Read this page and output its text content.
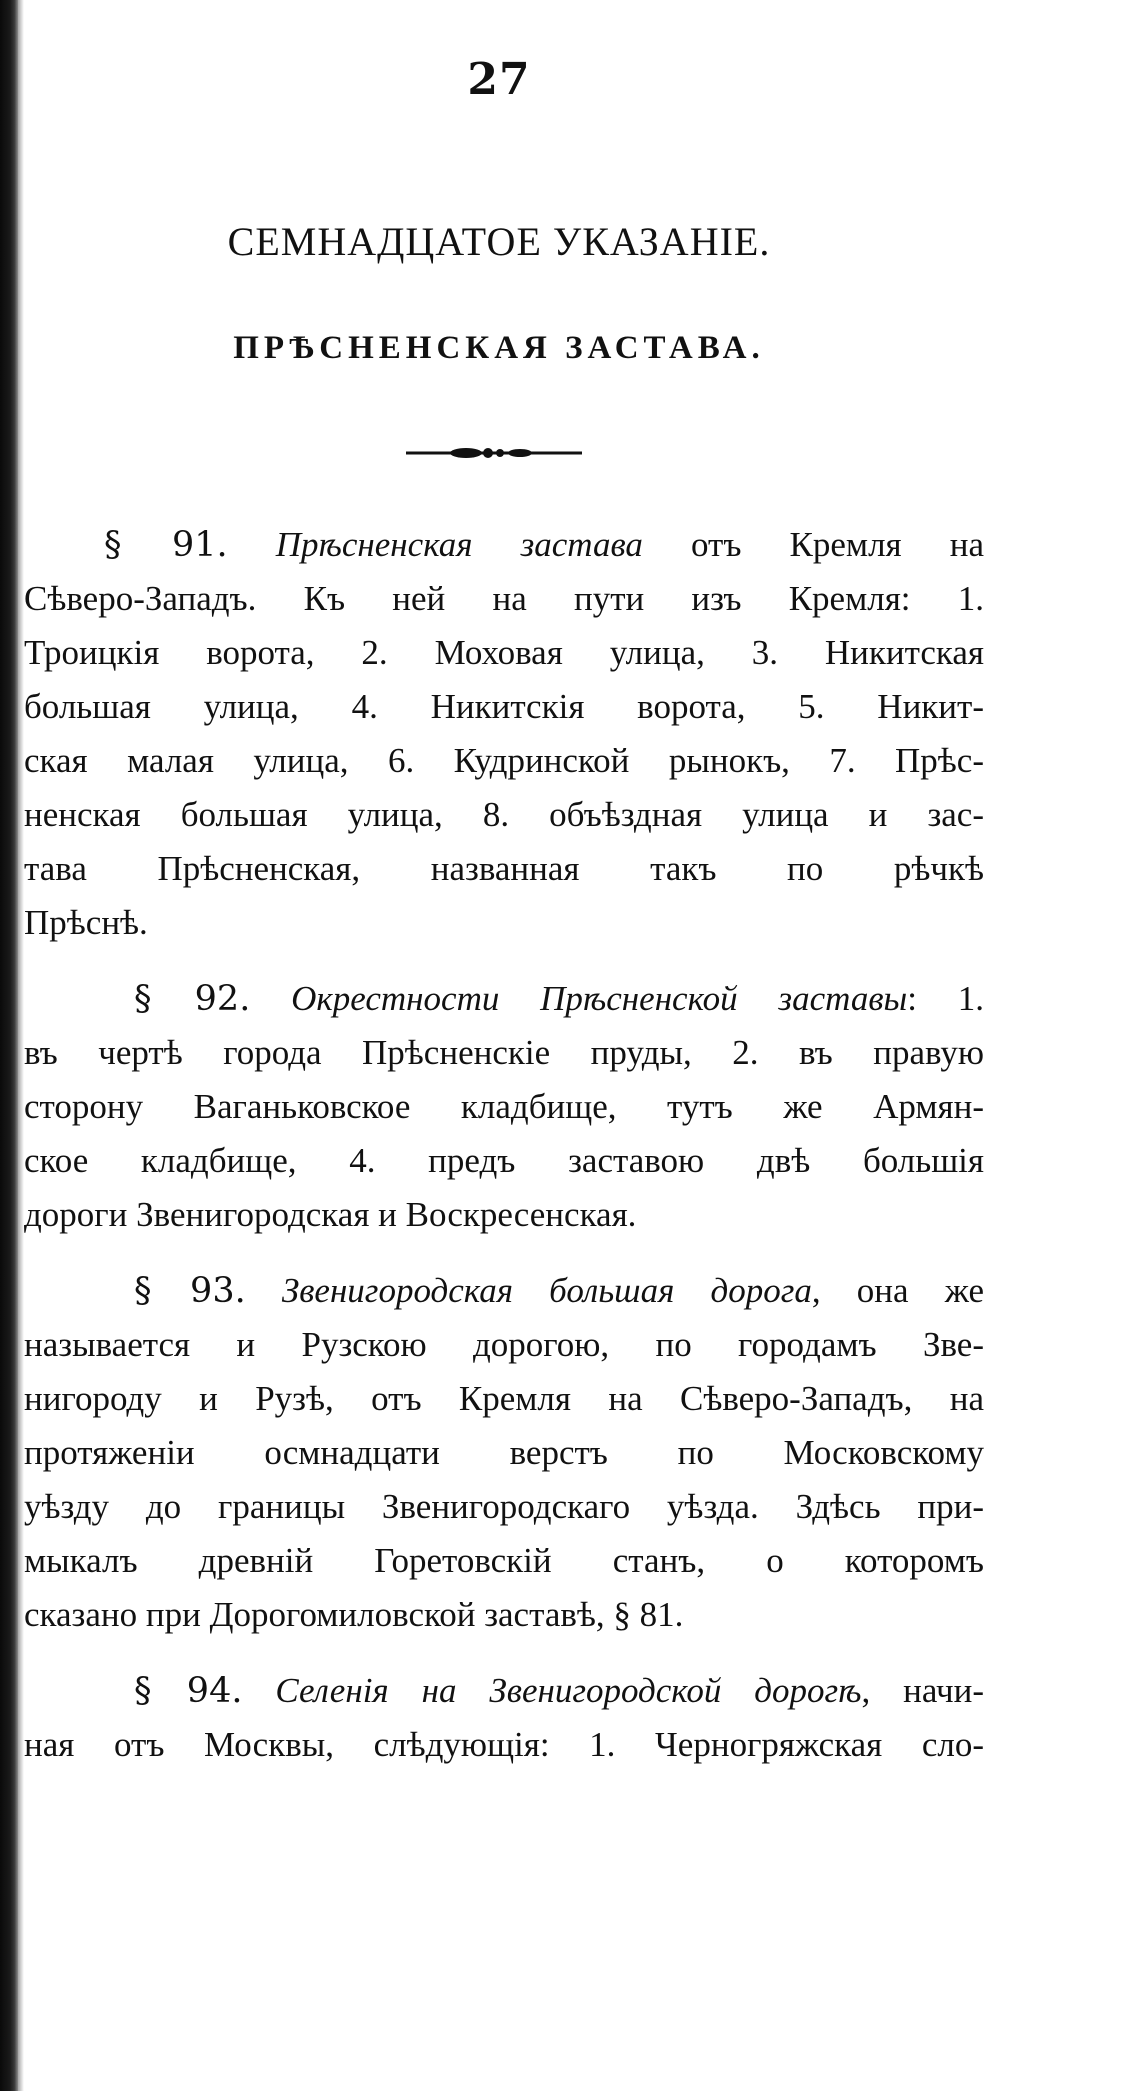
27
СЕМНАДЦАТОЕ УКАЗАНІЕ.
ПРѢСНЕНСКАЯ ЗАСТАВА.
§ 91. Прѣсненская застава отъ Кремля на
Сѣверо-Западъ. Къ ней на пути изъ Кремля: 1.
Троицкія ворота, 2. Моховая улица, 3. Никитская
большая улица, 4. Никитскія ворота, 5. Никит-
ская малая улица, 6. Кудринской рынокъ, 7. Прѣс-
ненская большая улица, 8. объѣздная улица и зас-
тава Прѣсненская, названная такъ по рѣчкѣ
Прѣснѣ.
§ 92. Окрестности Прѣсненской заставы: 1.
въ чертѣ города Прѣсненскіе пруды, 2. въ правую
сторону Ваганьковское кладбище, тутъ же Армян-
ское кладбище, 4. предъ заставою двѣ большія
дороги Звенигородская и Воскресенская.
§ 93. Звенигородская большая дорога, она же
называется и Рузскою дорогою, по городамъ Зве-
нигороду и Рузѣ, отъ Кремля на Сѣверо-Западъ, на
протяженіи осмнадцати верстъ по Московскому
уѣзду до границы Звенигородскаго уѣзда. Здѣсь при-
мыкалъ древній Горетовскій станъ, о которомъ
сказано при Дорогомиловской заставѣ, § 81.
§ 94. Селенія на Звенигородской дорогѣ, начи-
ная отъ Москвы, слѣдующія: 1. Черногряжская сло-
